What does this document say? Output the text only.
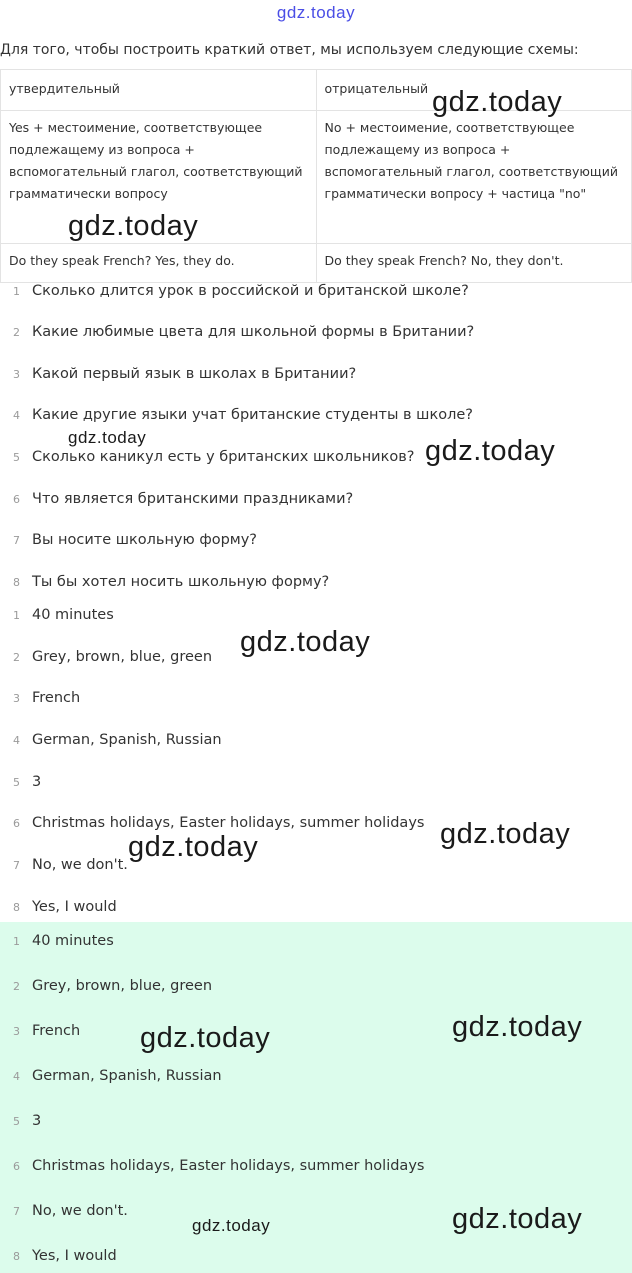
gdz.today
Для того, чтобы построить краткий ответ, мы используем следующие схемы:
утвердительный	отрицательный
Yes + местоимение, соответствующее подлежащему из вопроса + вспомогательный глагол, соответствующий грамматически вопросу	No + местоимение, соответствующее подлежащему из вопроса + вспомогательный глагол, соответствующий грамматически вопросу + частица "no"
Do they speak French? Yes, they do.	Do they speak French? No, they don't.
1 Сколько длится урок в российской и британской школе?
2 Какие любимые цвета для школьной формы в Британии?
3 Какой первый язык в школах в Британии?
4 Какие другие языки учат британские студенты в школе?
5 Сколько каникул есть у британских школьников?
6 Что является британскими праздниками?
7 Вы носите школьную форму?
8 Ты бы хотел носить школьную форму?
1 40 minutes
2 Grey, brown, blue, green
3 French
4 German, Spanish, Russian
5 3
6 Christmas holidays, Easter holidays, summer holidays
7 No, we don't.
8 Yes, I would
1 40 minutes
2 Grey, brown, blue, green
3 French
4 German, Spanish, Russian
5 3
6 Christmas holidays, Easter holidays, summer holidays
7 No, we don't.
8 Yes, I would
gdz.today
gdz.today
gdz.today	gdz.today
gdz.today
gdz.today
gdz.today
gdz.today
gdz.today
gdz.today	gdz.today
